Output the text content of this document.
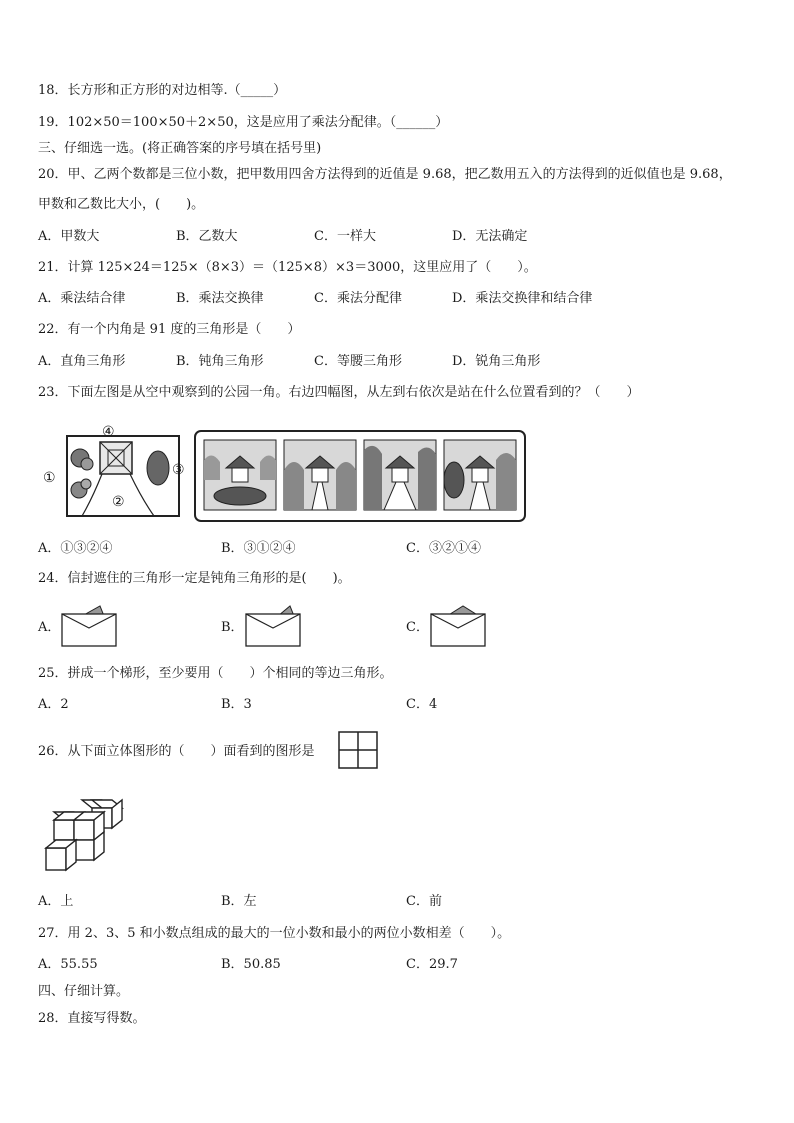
18．长方形和正方形的对边相等.（_____）
19．102×50＝100×50＋2×50，这是应用了乘法分配律。（______）
三、仔细选一选。(将正确答案的序号填在括号里)
20．甲、乙两个数都是三位小数，把甲数用四舍方法得到的近值是 9.68，把乙数用五入的方法得到的近似值也是 9.68，
甲数和乙数比大小，(　　)。
A．甲数大	B．乙数大	C．一样大	D．无法确定
21．计算 125×24＝125×（8×3）＝（125×8）×3＝3000，这里应用了（　　）。
A．乘法结合律	B．乘法交换律	C．乘法分配律	D．乘法交换律和结合律
22．有一个内角是 91 度的三角形是（　　）
A．直角三角形	B．钝角三角形	C．等腰三角形	D．锐角三角形
23．下面左图是从空中观察到的公园一角。右边四幅图，从左到右依次是站在什么位置看到的？（　　）
①
②
③
④
A．①③②④	B．③①②④	C．③②①④
24．信封遮住的三角形一定是钝角三角形的是(　　)。
A．	B．	C．
25．拼成一个梯形，至少要用（　　）个相同的等边三角形。
A．2	B．3	C．4
26．从下面立体图形的（　　）面看到的图形是
A．上	B．左	C．前
27．用 2、3、5 和小数点组成的最大的一位小数和最小的两位小数相差（　　）。
A．55.55	B．50.85	C．29.7
四、仔细计算。
28．直接写得数。
